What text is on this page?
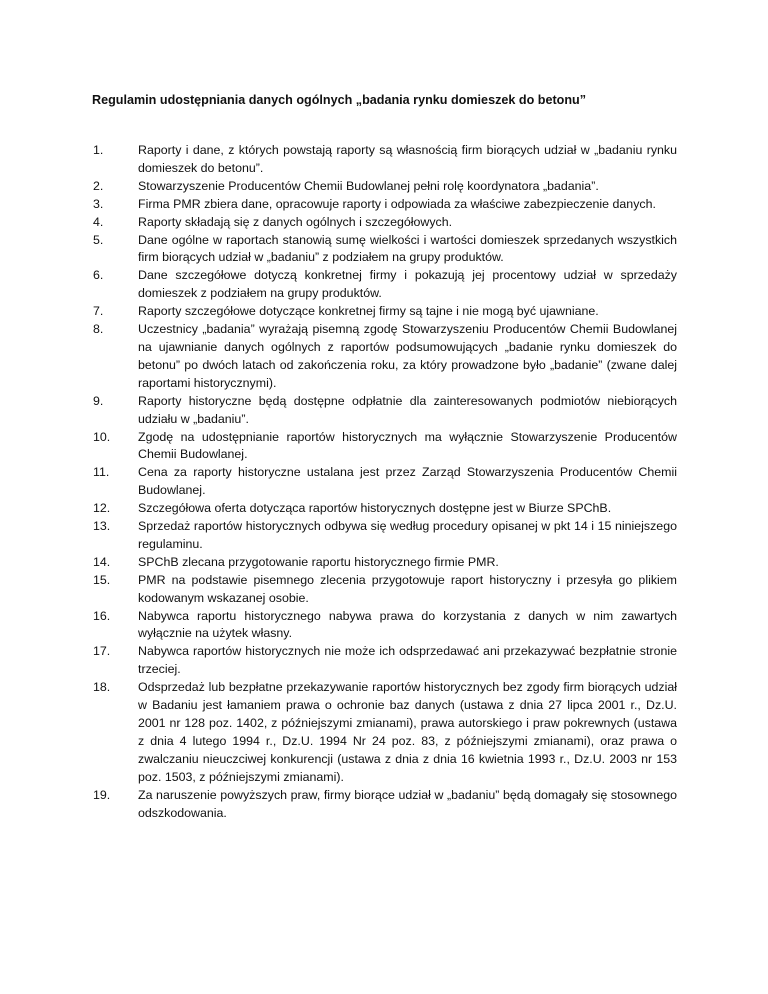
Regulamin udostępniania danych ogólnych „badania rynku domieszek do betonu”
1.	Raporty i dane, z których powstają raporty są własnością firm biorących udział w „badaniu rynku domieszek do betonu”.
2.	Stowarzyszenie Producentów Chemii Budowlanej pełni rolę koordynatora „badania”.
3.	Firma PMR zbiera dane, opracowuje raporty i odpowiada za właściwe zabezpieczenie danych.
4.	Raporty składają się z danych ogólnych i szczegółowych.
5.	Dane ogólne w raportach stanowią sumę wielkości i wartości domieszek sprzedanych wszystkich firm biorących udział w „badaniu” z podziałem na grupy produktów.
6.	Dane szczegółowe dotyczą konkretnej firmy i pokazują jej procentowy udział w sprzedaży domieszek z podziałem na grupy produktów.
7.	Raporty szczegółowe dotyczące konkretnej firmy są tajne i nie mogą być ujawniane.
8.	Uczestnicy „badania” wyrażają pisemną zgodę Stowarzyszeniu Producentów Chemii Budowlanej na ujawnianie danych ogólnych z raportów podsumowujących „badanie rynku domieszek do betonu” po dwóch latach od zakończenia roku, za który prowadzone było „badanie” (zwane dalej raportami historycznymi).
9.	Raporty historyczne będą dostępne odpłatnie dla zainteresowanych podmiotów niebiorących udziału w „badaniu”.
10.	Zgodę na udostępnianie raportów historycznych ma wyłącznie Stowarzyszenie Producentów Chemii Budowlanej.
11.	Cena za raporty historyczne ustalana jest przez Zarząd Stowarzyszenia Producentów Chemii Budowlanej.
12.	Szczegółowa oferta dotycząca raportów historycznych dostępne jest w Biurze SPChB.
13.	Sprzedaż raportów historycznych odbywa się według procedury opisanej w pkt 14 i 15 niniejszego regulaminu.
14.	SPChB zlecana przygotowanie raportu historycznego firmie PMR.
15.	PMR na podstawie pisemnego zlecenia przygotowuje raport historyczny i przesyła go plikiem kodowanym wskazanej osobie.
16.	Nabywca raportu historycznego nabywa prawa do korzystania z danych w nim zawartych wyłącznie na użytek własny.
17.	Nabywca raportów historycznych nie może ich odsprzedawać ani przekazywać bezpłatnie stronie trzeciej.
18.	Odsprzedaż lub bezpłatne przekazywanie raportów historycznych bez zgody firm biorących udział w Badaniu jest łamaniem prawa o ochronie baz danych (ustawa z dnia 27 lipca 2001 r., Dz.U. 2001 nr 128 poz. 1402, z późniejszymi zmianami), prawa autorskiego i praw pokrewnych (ustawa z dnia 4 lutego 1994 r., Dz.U. 1994 Nr 24 poz. 83, z późniejszymi zmianami), oraz prawa o zwalczaniu nieuczciwej konkurencji (ustawa z dnia z dnia 16 kwietnia 1993 r., Dz.U. 2003 nr 153 poz. 1503, z późniejszymi zmianami).
19.	Za naruszenie powyższych praw, firmy biorące udział w „badaniu” będą domagały się stosownego odszkodowania.
